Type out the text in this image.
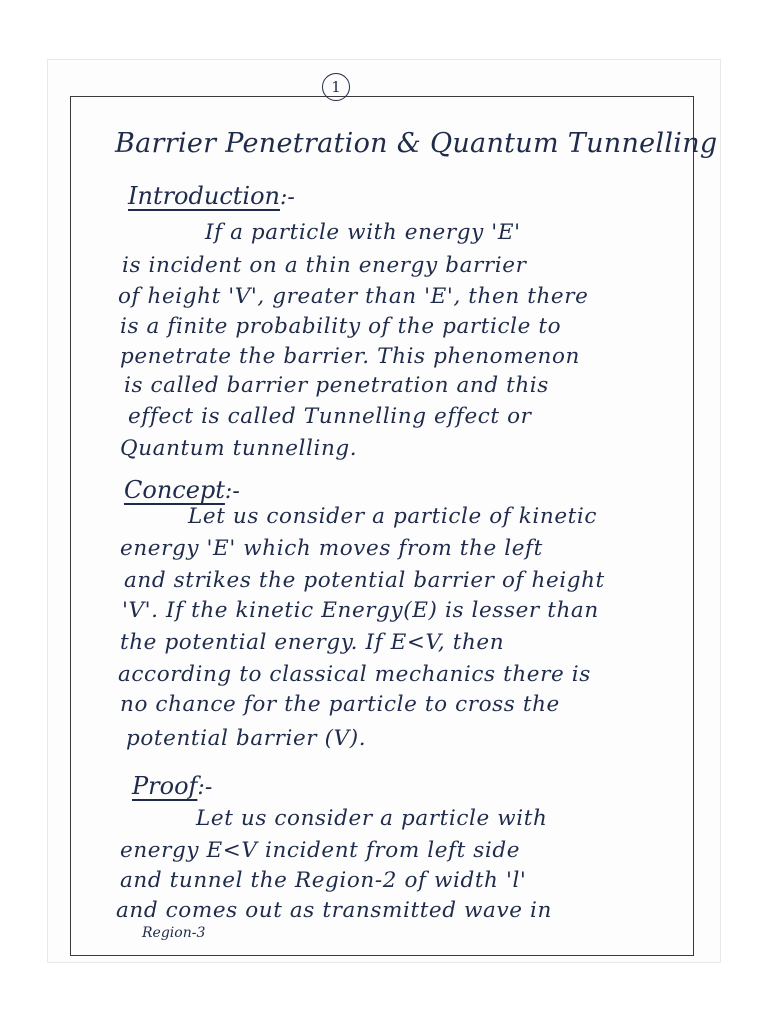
1
Barrier Penetration & Quantum Tunnelling
Introduction:-
If a particle with energy 'E'
is incident on a thin energy barrier
of height 'V', greater than 'E', then there
is a finite probability of the particle to
penetrate the barrier. This phenomenon
is called barrier penetration and this
effect is called Tunnelling effect or
Quantum tunnelling.
Concept:-
Let us consider a particle of kinetic
energy 'E' which moves from the left
and strikes the potential barrier of height
'V'. If the kinetic Energy(E) is lesser than
the potential energy. If E<V, then
according to classical mechanics there is
no chance for the particle to cross the
potential barrier (V).
Proof:-
Let us consider a particle with
energy E<V incident from left side
and tunnel the Region-2 of width 'l'
and comes out as transmitted wave in
Region-3
